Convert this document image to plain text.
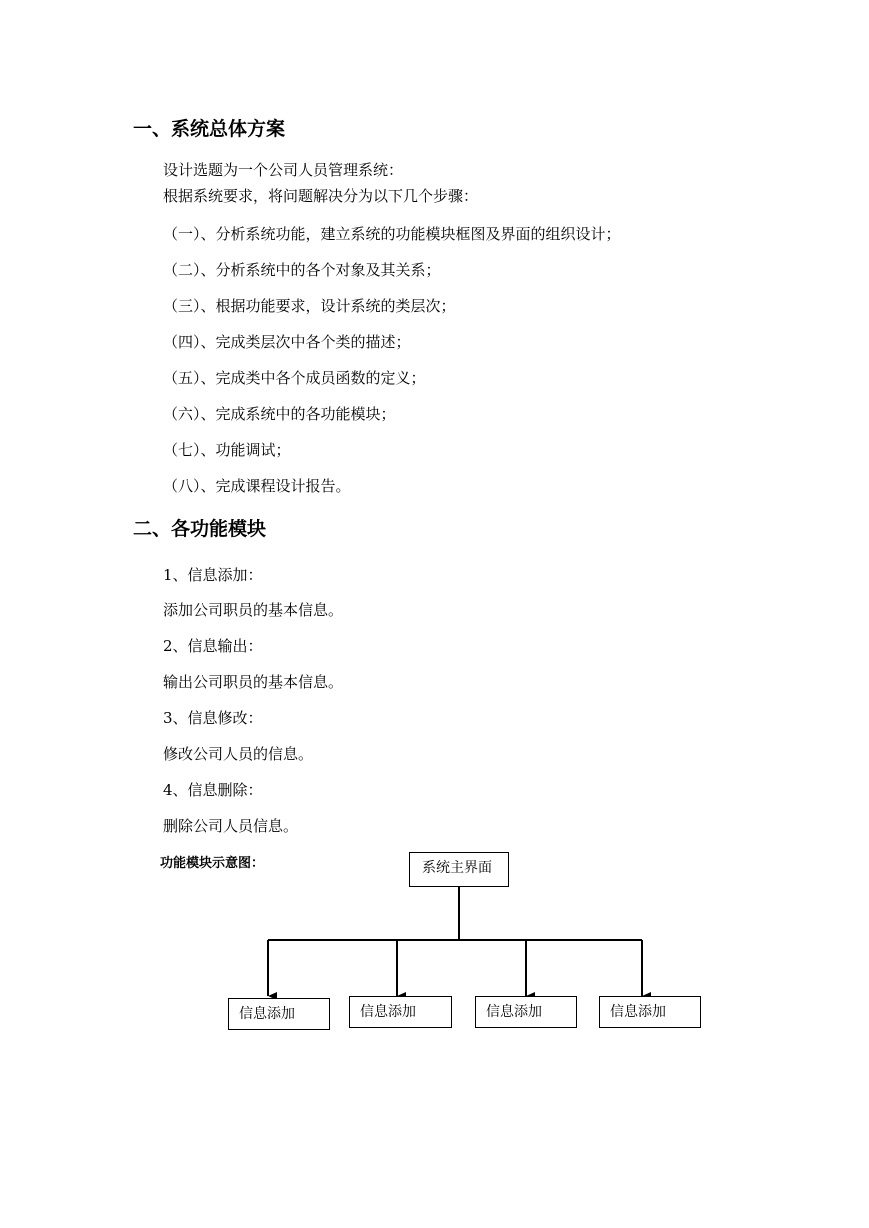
一、系统总体方案

设计选题为一个公司人员管理系统：

根据系统要求，将问题解决分为以下几个步骤：

（一）、分析系统功能，建立系统的功能模块框图及界面的组织设计；

（二）、分析系统中的各个对象及其关系；

（三）、根据功能要求，设计系统的类层次；

（四）、完成类层次中各个类的描述；

（五）、完成类中各个成员函数的定义；

（六）、完成系统中的各功能模块；

（七）、功能调试；

（八）、完成课程设计报告。

二、各功能模块

1、信息添加：

添加公司职员的基本信息。

2、信息输出：

输出公司职员的基本信息。

3、信息修改：

修改公司人员的信息。

4、信息删除：

删除公司人员信息。

功能模块示意图：	系统主界面
信息添加	信息添加	信息添加	信息添加
